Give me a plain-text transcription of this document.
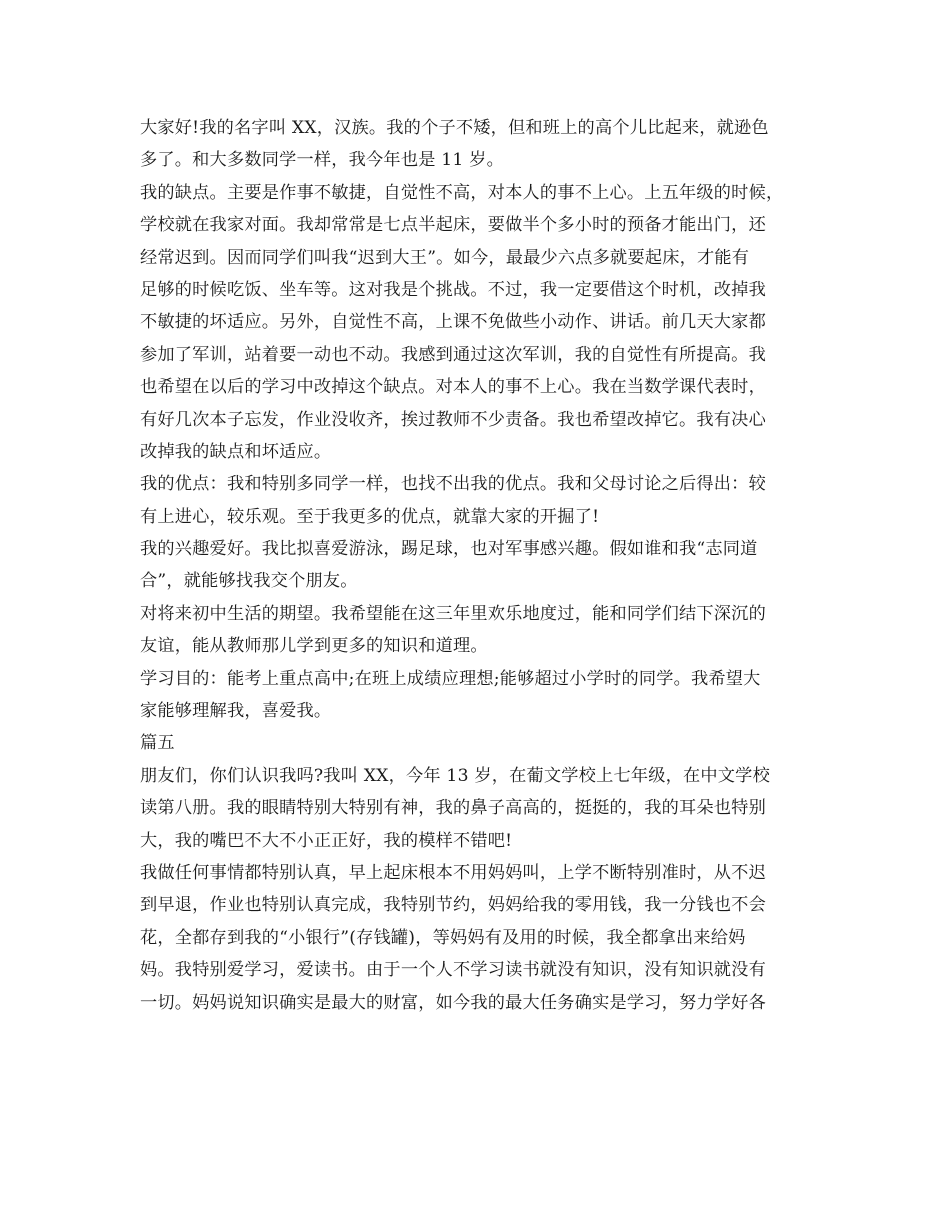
大家好!我的名字叫 XX，汉族。我的个子不矮，但和班上的高个儿比起来，就逊色
多了。和大多数同学一样，我今年也是 11 岁。
我的缺点。主要是作事不敏捷，自觉性不高，对本人的事不上心。上五年级的时候，
学校就在我家对面。我却常常是七点半起床，要做半个多小时的预备才能出门，还
经常迟到。因而同学们叫我“迟到大王”。如今，最最少六点多就要起床，才能有
足够的时候吃饭、坐车等。这对我是个挑战。不过，我一定要借这个时机，改掉我
不敏捷的坏适应。另外，自觉性不高，上课不免做些小动作、讲话。前几天大家都
参加了军训，站着要一动也不动。我感到通过这次军训，我的自觉性有所提高。我
也希望在以后的学习中改掉这个缺点。对本人的事不上心。我在当数学课代表时，
有好几次本子忘发，作业没收齐，挨过教师不少责备。我也希望改掉它。我有决心
改掉我的缺点和坏适应。
我的优点：我和特别多同学一样，也找不出我的优点。我和父母讨论之后得出：较
有上进心，较乐观。至于我更多的优点，就靠大家的开掘了!
我的兴趣爱好。我比拟喜爱游泳，踢足球，也对军事感兴趣。假如谁和我“志同道
合”，就能够找我交个朋友。
对将来初中生活的期望。我希望能在这三年里欢乐地度过，能和同学们结下深沉的
友谊，能从教师那儿学到更多的知识和道理。
学习目的：能考上重点高中;在班上成绩应理想;能够超过小学时的同学。我希望大
家能够理解我，喜爱我。
篇五
朋友们，你们认识我吗?我叫 XX，今年 13 岁，在葡文学校上七年级，在中文学校
读第八册。我的眼睛特别大特别有神，我的鼻子高高的，挺挺的，我的耳朵也特别
大，我的嘴巴不大不小正正好，我的模样不错吧!
我做任何事情都特别认真，早上起床根本不用妈妈叫，上学不断特别准时，从不迟
到早退，作业也特别认真完成，我特别节约，妈妈给我的零用钱，我一分钱也不会
花，全都存到我的“小银行”(存钱罐)，等妈妈有及用的时候，我全都拿出来给妈
妈。我特别爱学习，爱读书。由于一个人不学习读书就没有知识，没有知识就没有
一切。妈妈说知识确实是最大的财富，如今我的最大任务确实是学习，努力学好各
